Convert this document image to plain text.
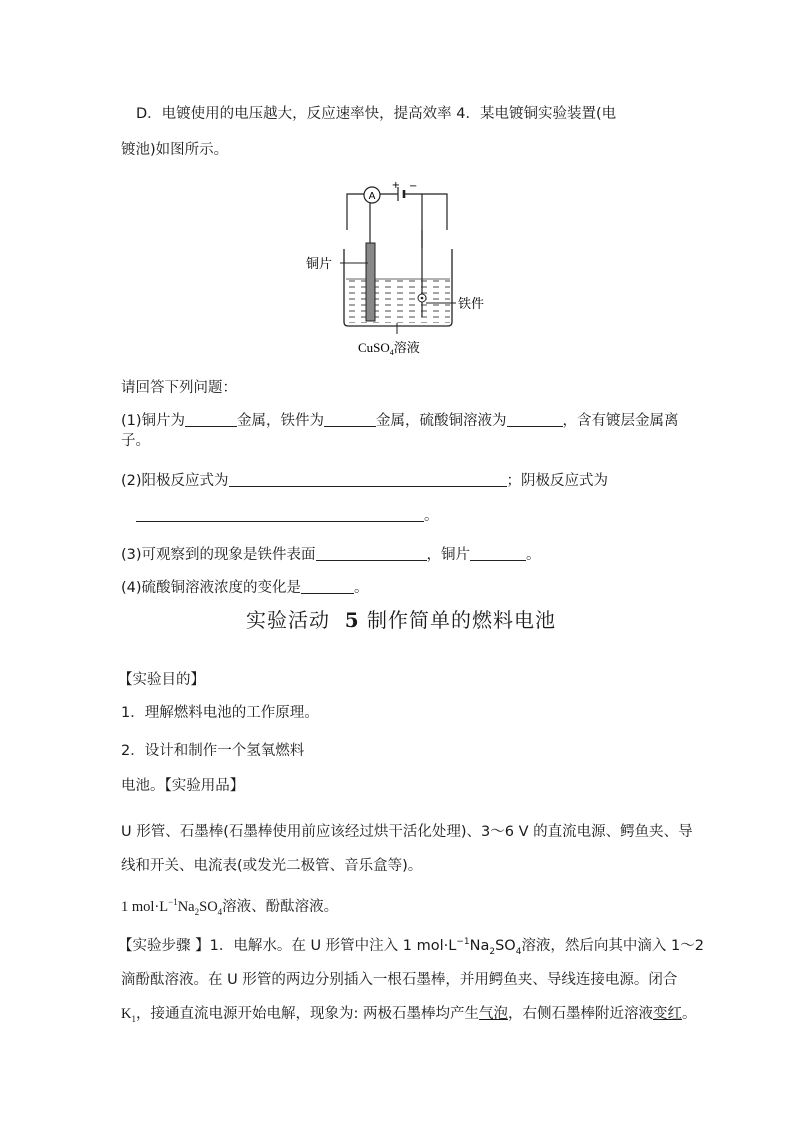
D．电镀使用的电压越大，反应速率快，提高效率 4．某电镀铜实验装置(电
镀池)如图所示。
A
+ −
铜片
铁件
CuSO$_4$溶液
请回答下列问题：
(1)铜片为	金属，铁件为	金属，硫酸铜溶液为	，含有镀层金属离
子。
(2)阳极反应式为	；阴极反应式为
。
(3)可观察到的现象是铁件表面	，铜片	。
(4)硫酸铜溶液浓度的变化是	。
实验活动 5 制作简单的燃料电池
【实验目的】
1．理解燃料电池的工作原理。
2．设计和制作一个氢氧燃料
电池。【实验用品】
U 形管、石墨棒(石墨棒使用前应该经过烘干活化处理)、3～6 V 的直流电源、鳄鱼夹、导
线和开关、电流表(或发光二极管、音乐盒等)。
1 $mol\cdot L^{-1}Na_2SO_4$溶液、酚酞溶液。
【实验步骤 】1．电解水。在 U 形管中注入 1 $mol\cdot L^{-1}Na_2SO_4$溶液，然后向其中滴入 1～2
滴酚酞溶液。在 U 形管的两边分别插入一根石墨棒，并用鳄鱼夹、导线连接电源。闭合
$K_1$，接通直流电源开始电解，现象为: 两极石墨棒均产生气泡，右侧石墨棒附近溶液变红。
